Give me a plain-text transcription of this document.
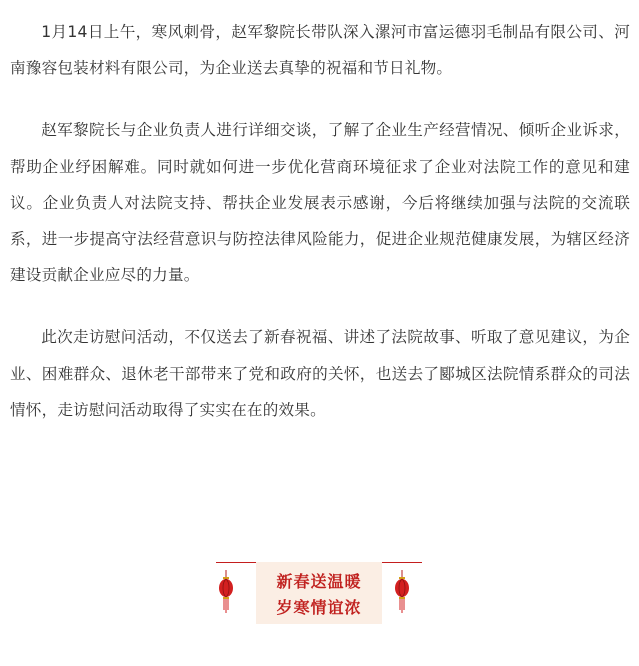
1月14日上午，寒风刺骨，赵军黎院长带队深入漯河市富运德羽毛制品有限公司、河南豫容包装材料有限公司，为企业送去真挚的祝福和节日礼物。

赵军黎院长与企业负责人进行详细交谈，了解了企业生产经营情况、倾听企业诉求，帮助企业纾困解难。同时就如何进一步优化营商环境征求了企业对法院工作的意见和建议。企业负责人对法院支持、帮扶企业发展表示感谢，今后将继续加强与法院的交流联系，进一步提高守法经营意识与防控法律风险能力，促进企业规范健康发展，为辖区经济建设贡献企业应尽的力量。

此次走访慰问活动，不仅送去了新春祝福、讲述了法院故事、听取了意见建议，为企业、困难群众、退休老干部带来了党和政府的关怀，也送去了郾城区法院情系群众的司法情怀，走访慰问活动取得了实实在在的效果。

新春送温暖
岁寒情谊浓
